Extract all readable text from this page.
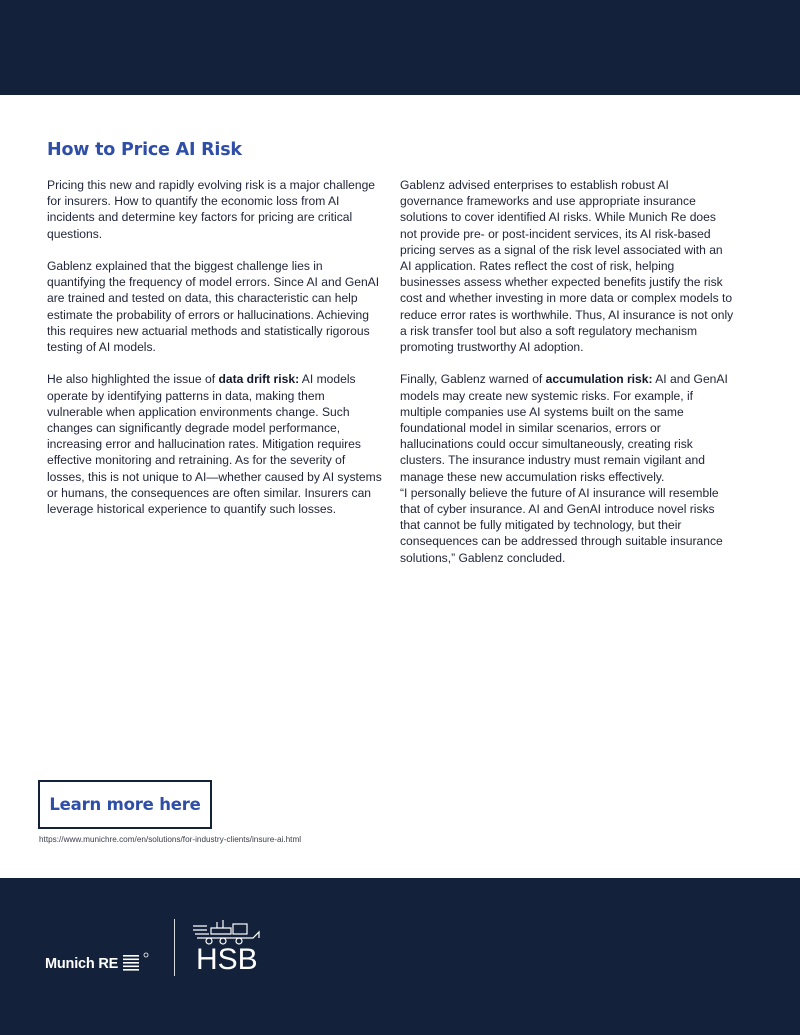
How to Price AI Risk

Pricing this new and rapidly evolving risk is a major challenge for insurers. How to quantify the economic loss from AI incidents and determine key factors for pricing are critical questions.

Gablenz explained that the biggest challenge lies in quantifying the frequency of model errors. Since AI and GenAI are trained and tested on data, this characteristic can help estimate the probability of errors or hallucinations. Achieving this requires new actuarial methods and statistically rigorous testing of AI models.

He also highlighted the issue of data drift risk: AI models operate by identifying patterns in data, making them vulnerable when application environments change. Such changes can significantly degrade model performance, increasing error and hallucination rates. Mitigation requires effective monitoring and retraining. As for the severity of losses, this is not unique to AI—whether caused by AI systems or humans, the consequences are often similar. Insurers can leverage historical experience to quantify such losses.

Gablenz advised enterprises to establish robust AI governance frameworks and use appropriate insurance solutions to cover identified AI risks. While Munich Re does not provide pre- or post-incident services, its AI risk-based pricing serves as a signal of the risk level associated with an AI application. Rates reflect the cost of risk, helping businesses assess whether expected benefits justify the risk cost and whether investing in more data or complex models to reduce error rates is worthwhile. Thus, AI insurance is not only a risk transfer tool but also a soft regulatory mechanism promoting trustworthy AI adoption.

Finally, Gablenz warned of accumulation risk: AI and GenAI models may create new systemic risks. For example, if multiple companies use AI systems built on the same foundational model in similar scenarios, errors or hallucinations could occur simultaneously, creating risk clusters. The insurance industry must remain vigilant and manage these new accumulation risks effectively.

“I personally believe the future of AI insurance will resemble that of cyber insurance. AI and GenAI introduce novel risks that cannot be fully mitigated by technology, but their consequences can be addressed through suitable insurance solutions,” Gablenz concluded.

Learn more here
https://www.munichre.com/en/solutions/for-industry-clients/insure-ai.html
Munich RE	HSB
